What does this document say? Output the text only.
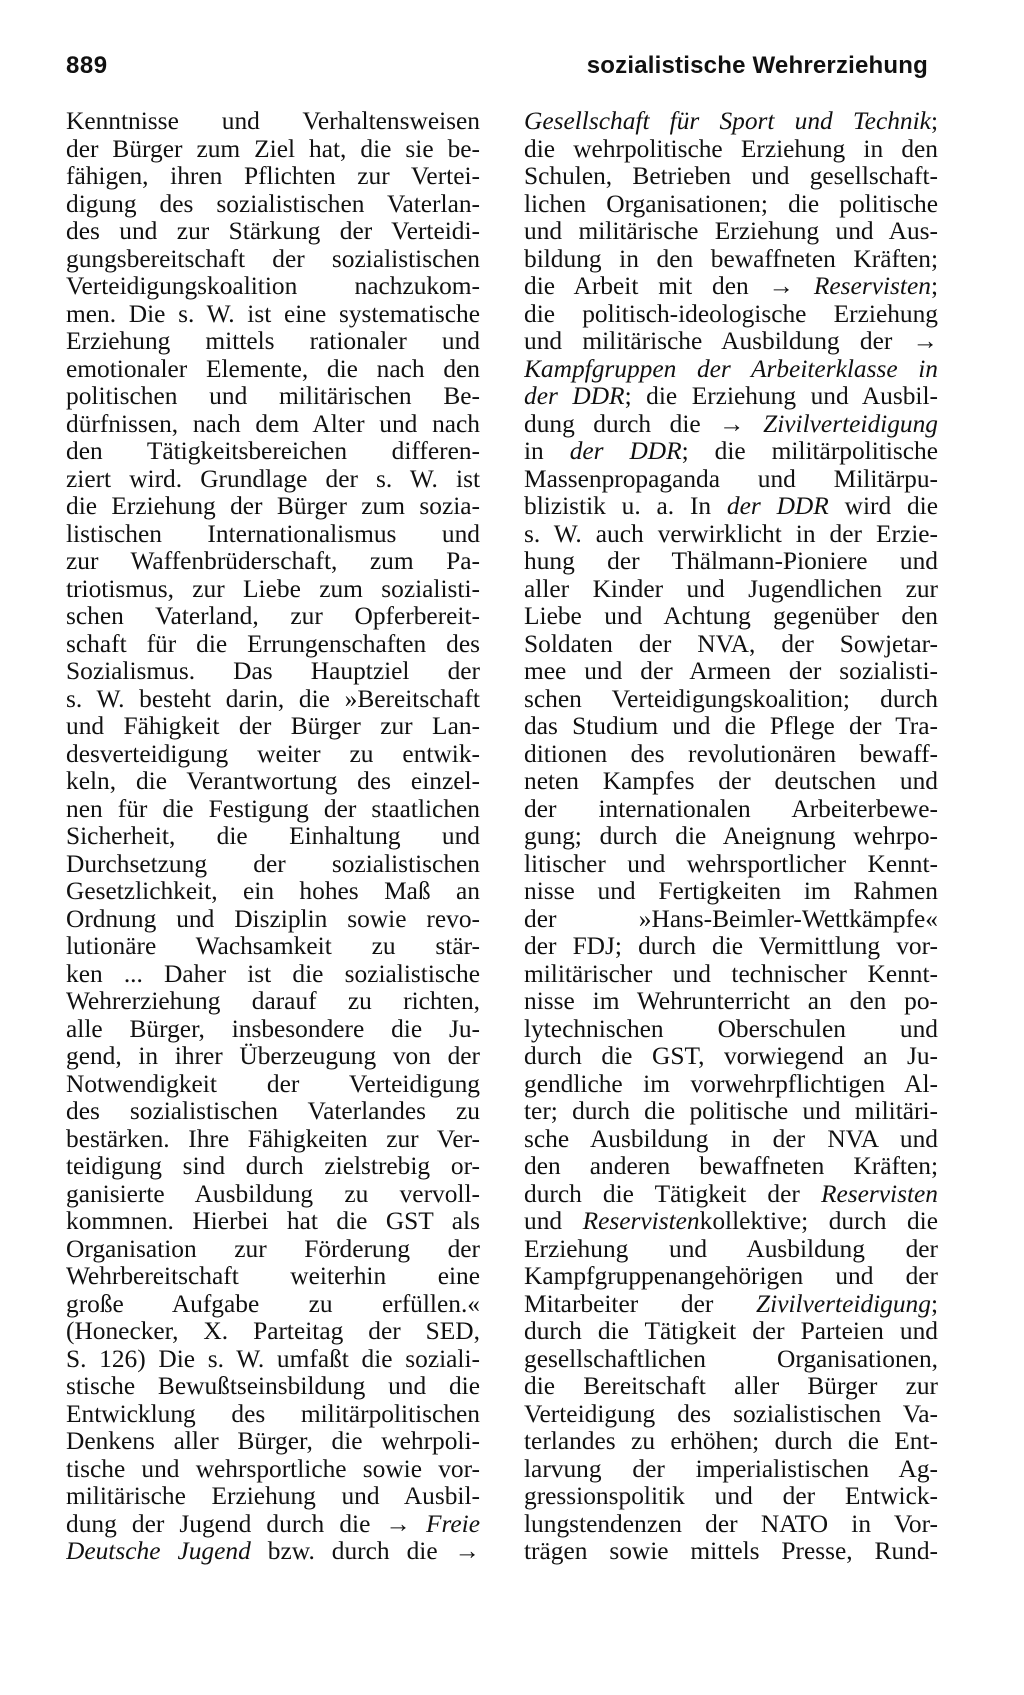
889	sozialistische Wehrerziehung
Kenntnisse und Verhaltensweisen
der Bürger zum Ziel hat, die sie be-
fähigen, ihren Pflichten zur Vertei-
digung des sozialistischen Vaterlan-
des und zur Stärkung der Verteidi-
gungsbereitschaft der sozialistischen
Verteidigungskoalition nachzukom-
men. Die s. W. ist eine systematische
Erziehung mittels rationaler und
emotionaler Elemente, die nach den
politischen und militärischen Be-
dürfnissen, nach dem Alter und nach
den Tätigkeitsbereichen differen-
ziert wird. Grundlage der s. W. ist
die Erziehung der Bürger zum sozia-
listischen Internationalismus und
zur Waffenbrüderschaft, zum Pa-
triotismus, zur Liebe zum sozialisti-
schen Vaterland, zur Opferbereit-
schaft für die Errungenschaften des
Sozialismus. Das Hauptziel der
s. W. besteht darin, die »Bereitschaft
und Fähigkeit der Bürger zur Lan-
desverteidigung weiter zu entwik-
keln, die Verantwortung des einzel-
nen für die Festigung der staatlichen
Sicherheit, die Einhaltung und
Durchsetzung der sozialistischen
Gesetzlichkeit, ein hohes Maß an
Ordnung und Disziplin sowie revo-
lutionäre Wachsamkeit zu stär-
ken ... Daher ist die sozialistische
Wehrerziehung darauf zu richten,
alle Bürger, insbesondere die Ju-
gend, in ihrer Überzeugung von der
Notwendigkeit der Verteidigung
des sozialistischen Vaterlandes zu
bestärken. Ihre Fähigkeiten zur Ver-
teidigung sind durch zielstrebig or-
ganisierte Ausbildung zu vervoll-
kommnen. Hierbei hat die GST als
Organisation zur Förderung der
Wehrbereitschaft weiterhin eine
große Aufgabe zu erfüllen.«
(Honecker, X. Parteitag der SED,
S. 126) Die s. W. umfaßt die soziali-
stische Bewußtseinsbildung und die
Entwicklung des militärpolitischen
Denkens aller Bürger, die wehrpoli-
tische und wehrsportliche sowie vor-
militärische Erziehung und Ausbil-
dung der Jugend durch die → Freie
Deutsche Jugend bzw. durch die →
Gesellschaft für Sport und Technik;
die wehrpolitische Erziehung in den
Schulen, Betrieben und gesellschaft-
lichen Organisationen; die politische
und militärische Erziehung und Aus-
bildung in den bewaffneten Kräften;
die Arbeit mit den → Reservisten;
die politisch-ideologische Erziehung
und militärische Ausbildung der →
Kampfgruppen der Arbeiterklasse in
der DDR; die Erziehung und Ausbil-
dung durch die → Zivilverteidigung
in der DDR; die militärpolitische
Massenpropaganda und Militärpu-
blizistik u. a. In der DDR wird die
s. W. auch verwirklicht in der Erzie-
hung der Thälmann-Pioniere und
aller Kinder und Jugendlichen zur
Liebe und Achtung gegenüber den
Soldaten der NVA, der Sowjetar-
mee und der Armeen der sozialisti-
schen Verteidigungskoalition; durch
das Studium und die Pflege der Tra-
ditionen des revolutionären bewaff-
neten Kampfes der deutschen und
der internationalen Arbeiterbewe-
gung; durch die Aneignung wehrpo-
litischer und wehrsportlicher Kennt-
nisse und Fertigkeiten im Rahmen
der »Hans-Beimler-Wettkämpfe«
der FDJ; durch die Vermittlung vor-
militärischer und technischer Kennt-
nisse im Wehrunterricht an den po-
lytechnischen Oberschulen und
durch die GST, vorwiegend an Ju-
gendliche im vorwehrpflichtigen Al-
ter; durch die politische und militäri-
sche Ausbildung in der NVA und
den anderen bewaffneten Kräften;
durch die Tätigkeit der Reservisten
und Reservistenkollektive; durch die
Erziehung und Ausbildung der
Kampfgruppenangehörigen und der
Mitarbeiter der Zivilverteidigung;
durch die Tätigkeit der Parteien und
gesellschaftlichen Organisationen,
die Bereitschaft aller Bürger zur
Verteidigung des sozialistischen Va-
terlandes zu erhöhen; durch die Ent-
larvung der imperialistischen Ag-
gressionspolitik und der Entwick-
lungstendenzen der NATO in Vor-
trägen sowie mittels Presse, Rund-
